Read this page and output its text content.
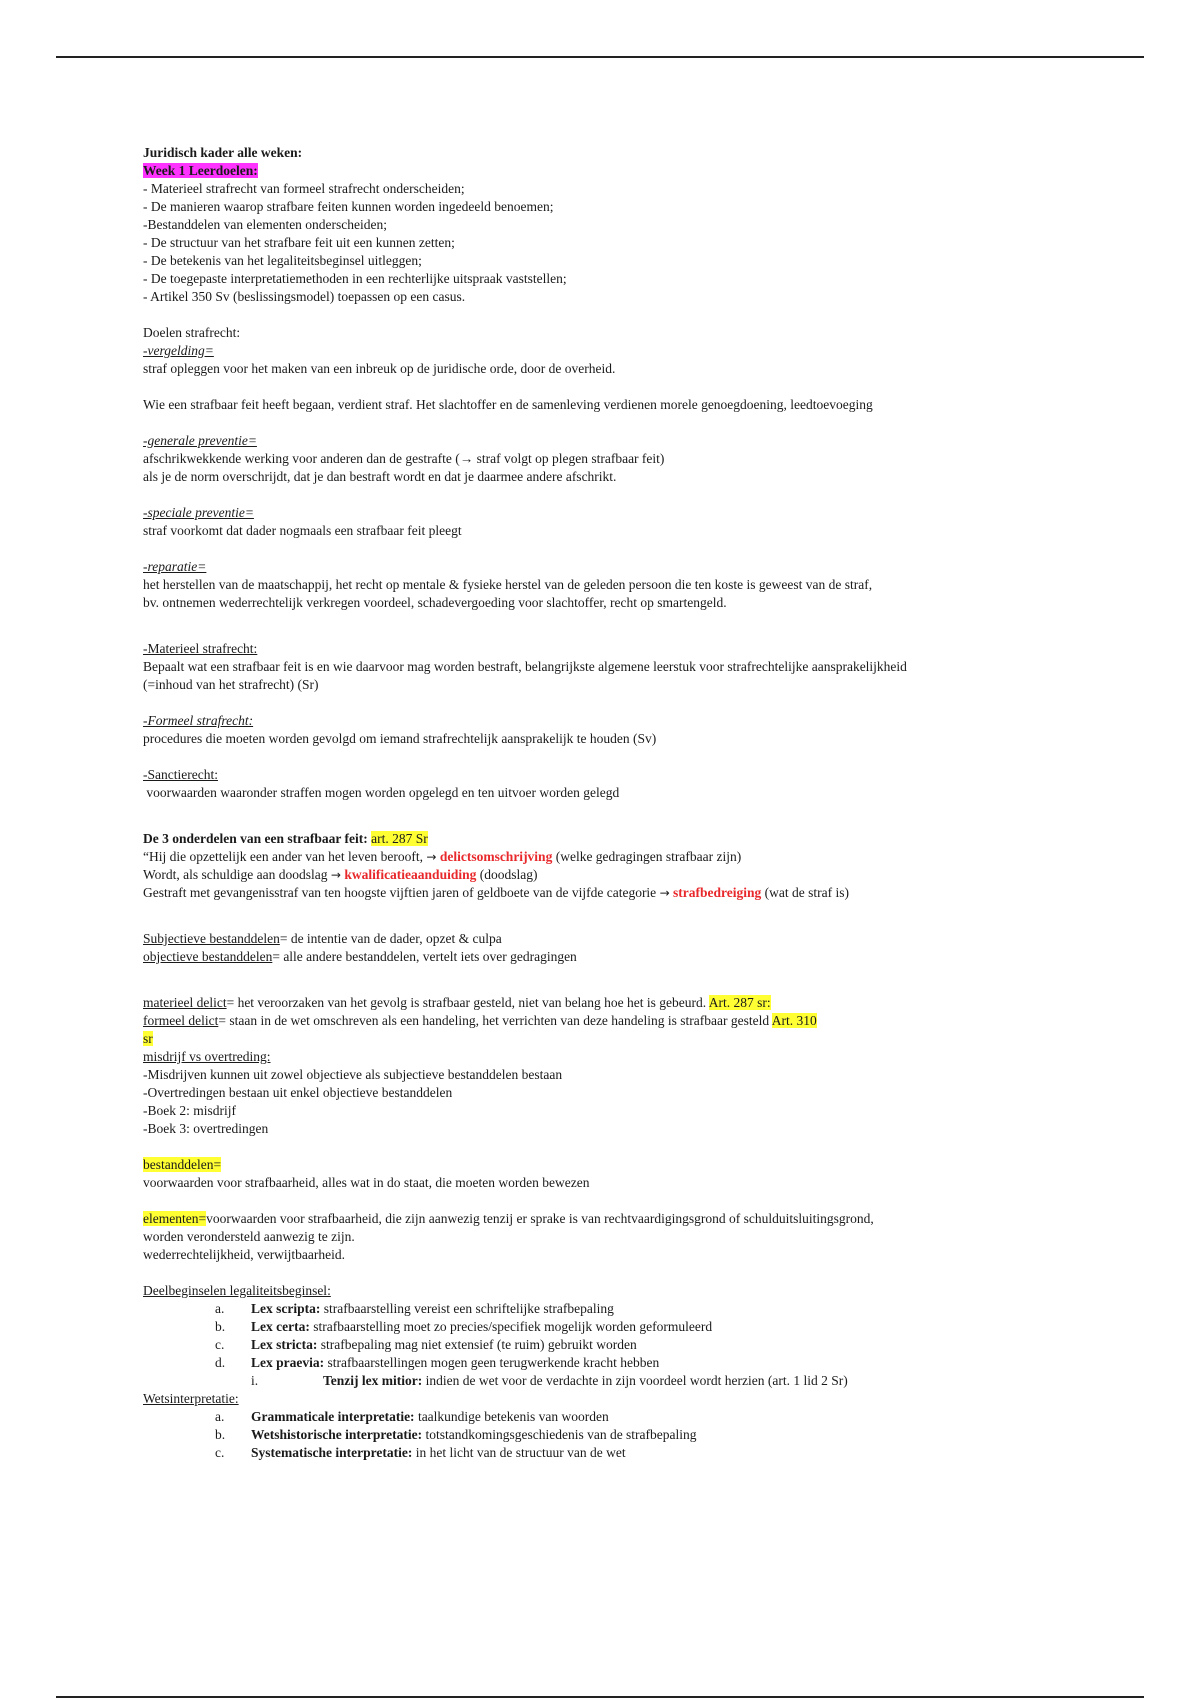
Juridisch kader alle weken:
Week 1 Leerdoelen:
- Materieel strafrecht van formeel strafrecht onderscheiden;
- De manieren waarop strafbare feiten kunnen worden ingedeeld benoemen;
-Bestanddelen van elementen onderscheiden;
- De structuur van het strafbare feit uit een kunnen zetten;
- De betekenis van het legaliteitsbeginsel uitleggen;
- De toegepaste interpretatiemethoden in een rechterlijke uitspraak vaststellen;
- Artikel 350 Sv (beslissingsmodel) toepassen op een casus.
Doelen strafrecht:
-vergelding=
straf opleggen voor het maken van een inbreuk op de juridische orde, door de overheid.
Wie een strafbaar feit heeft begaan, verdient straf. Het slachtoffer en de samenleving verdienen morele genoegdoening, leedtoevoeging
-generale preventie=
afschrikwekkende werking voor anderen dan de gestrafte (→ straf volgt op plegen strafbaar feit)
als je de norm overschrijdt, dat je dan bestraft wordt en dat je daarmee andere afschrikt.
-speciale preventie=
straf voorkomt dat dader nogmaals een strafbaar feit pleegt
-reparatie=
het herstellen van de maatschappij, het recht op mentale & fysieke herstel van de geleden persoon die ten koste is geweest van de straf,
bv. ontnemen wederrechtelijk verkregen voordeel, schadevergoeding voor slachtoffer, recht op smartengeld.
-Materieel strafrecht:
Bepaalt wat een strafbaar feit is en wie daarvoor mag worden bestraft, belangrijkste algemene leerstuk voor strafrechtelijke aansprakelijkheid
(=inhoud van het strafrecht) (Sr)
-Formeel strafrecht:
procedures die moeten worden gevolgd om iemand strafrechtelijk aansprakelijk te houden (Sv)
-Sanctierecht:
voorwaarden waaronder straffen mogen worden opgelegd en ten uitvoer worden gelegd
De 3 onderdelen van een strafbaar feit: art. 287 Sr
“Hij die opzettelijk een ander van het leven berooft, → delictsomschrijving (welke gedragingen strafbaar zijn)
Wordt, als schuldige aan doodslag → kwalificatieaanduiding (doodslag)
Gestraft met gevangenisstraf van ten hoogste vijftien jaren of geldboete van de vijfde categorie → strafbedreiging (wat de straf is)
Subjectieve bestanddelen= de intentie van de dader, opzet & culpa
objectieve bestanddelen= alle andere bestanddelen, vertelt iets over gedragingen
materieel delict= het veroorzaken van het gevolg is strafbaar gesteld, niet van belang hoe het is gebeurd. Art. 287 sr:
formeel delict= staan in de wet omschreven als een handeling, het verrichten van deze handeling is strafbaar gesteld Art. 310
sr
misdrijf vs overtreding:
-Misdrijven kunnen uit zowel objectieve als subjectieve bestanddelen bestaan
-Overtredingen bestaan uit enkel objectieve bestanddelen
-Boek 2: misdrijf
-Boek 3: overtredingen
bestanddelen=
voorwaarden voor strafbaarheid, alles wat in do staat, die moeten worden bewezen
elementen=voorwaarden voor strafbaarheid, die zijn aanwezig tenzij er sprake is van rechtvaardigingsgrond of schulduitsluitingsgrond,
worden verondersteld aanwezig te zijn.
wederrechtelijkheid, verwijtbaarheid.
Deelbeginselen legaliteitsbeginsel:
a. Lex scripta: strafbaarstelling vereist een schriftelijke strafbepaling
b. Lex certa: strafbaarstelling moet zo precies/specifiek mogelijk worden geformuleerd
c. Lex stricta: strafbepaling mag niet extensief (te ruim) gebruikt worden
d. Lex praevia: strafbaarstellingen mogen geen terugwerkende kracht hebben
i.	Tenzij lex mitior: indien de wet voor de verdachte in zijn voordeel wordt herzien (art. 1 lid 2 Sr)
Wetsinterpretatie:
a. Grammaticale interpretatie: taalkundige betekenis van woorden
b. Wetshistorische interpretatie: totstandkomingsgeschiedenis van de strafbepaling
c. Systematische interpretatie: in het licht van de structuur van de wet
